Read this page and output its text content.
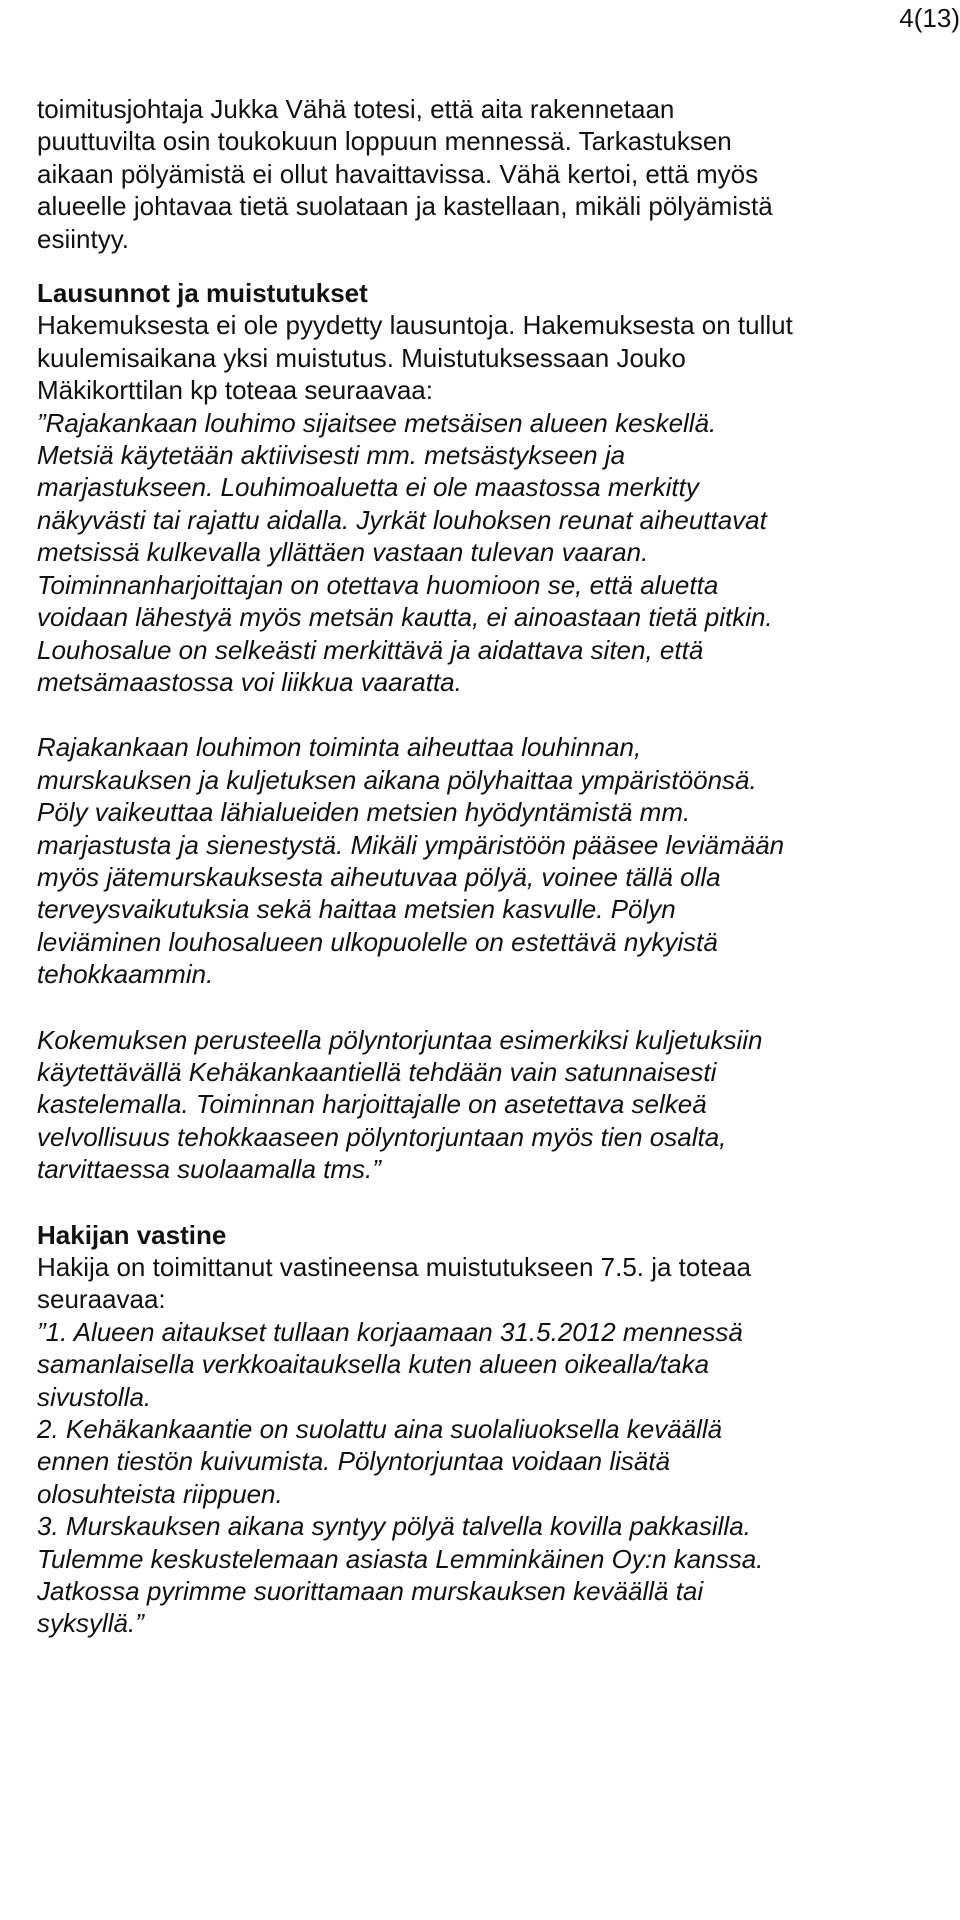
4(13)

toimitusjohtaja Jukka Vähä totesi, että aita rakennetaan

puuttuvilta osin toukokuun loppuun mennessä. Tarkastuksen

aikaan pölyämistä ei ollut havaittavissa. Vähä kertoi, että myös

alueelle johtavaa tietä suolataan ja kastellaan, mikäli pölyämistä

esiintyy.

Lausunnot ja muistutukset

Hakemuksesta ei ole pyydetty lausuntoja. Hakemuksesta on tullut

kuulemisaikana yksi muistutus. Muistutuksessaan Jouko

Mäkikorttilan kp toteaa seuraavaa:

”Rajakankaan louhimo sijaitsee metsäisen alueen keskellä.

Metsiä käytetään aktiivisesti mm. metsästykseen ja

marjastukseen. Louhimoaluetta ei ole maastossa merkitty

näkyvästi tai rajattu aidalla. Jyrkät louhoksen reunat aiheuttavat

metsissä kulkevalla yllättäen vastaan tulevan vaaran.

Toiminnanharjoittajan on otettava huomioon se, että aluetta

voidaan lähestyä myös metsän kautta, ei ainoastaan tietä pitkin.

Louhosalue on selkeästi merkittävä ja aidattava siten, että

metsämaastossa voi liikkua vaaratta.

Rajakankaan louhimon toiminta aiheuttaa louhinnan,

murskauksen ja kuljetuksen aikana pölyhaittaa ympäristöönsä.

Pöly vaikeuttaa lähialueiden metsien hyödyntämistä mm.

marjastusta ja sienestystä. Mikäli ympäristöön pääsee leviämään

myös jätemurskauksesta aiheutuvaa pölyä, voinee tällä olla

terveysvaikutuksia sekä haittaa metsien kasvulle. Pölyn

leviäminen louhosalueen ulkopuolelle on estettävä nykyistä

tehokkaammin.

Kokemuksen perusteella pölyntorjuntaa esimerkiksi kuljetuksiin

käytettävällä Kehäkankaantiellä tehdään vain satunnaisesti

kastelemalla. Toiminnan harjoittajalle on asetettava selkeä

velvollisuus tehokkaaseen pölyntorjuntaan myös tien osalta,

tarvittaessa suolaamalla tms.”

Hakijan vastine

Hakija on toimittanut vastineensa muistutukseen 7.5. ja toteaa

seuraavaa:

”1. Alueen aitaukset tullaan korjaamaan 31.5.2012 mennessä

samanlaisella verkkoaitauksella kuten alueen oikealla/taka

sivustolla.

2. Kehäkankaantie on suolattu aina suolaliuoksella keväällä

ennen tiestön kuivumista. Pölyntorjuntaa voidaan lisätä

olosuhteista riippuen.

3. Murskauksen aikana syntyy pölyä talvella kovilla pakkasilla.

Tulemme keskustelemaan asiasta Lemminkäinen Oy:n kanssa.

Jatkossa pyrimme suorittamaan murskauksen keväällä tai

syksyllä.”
